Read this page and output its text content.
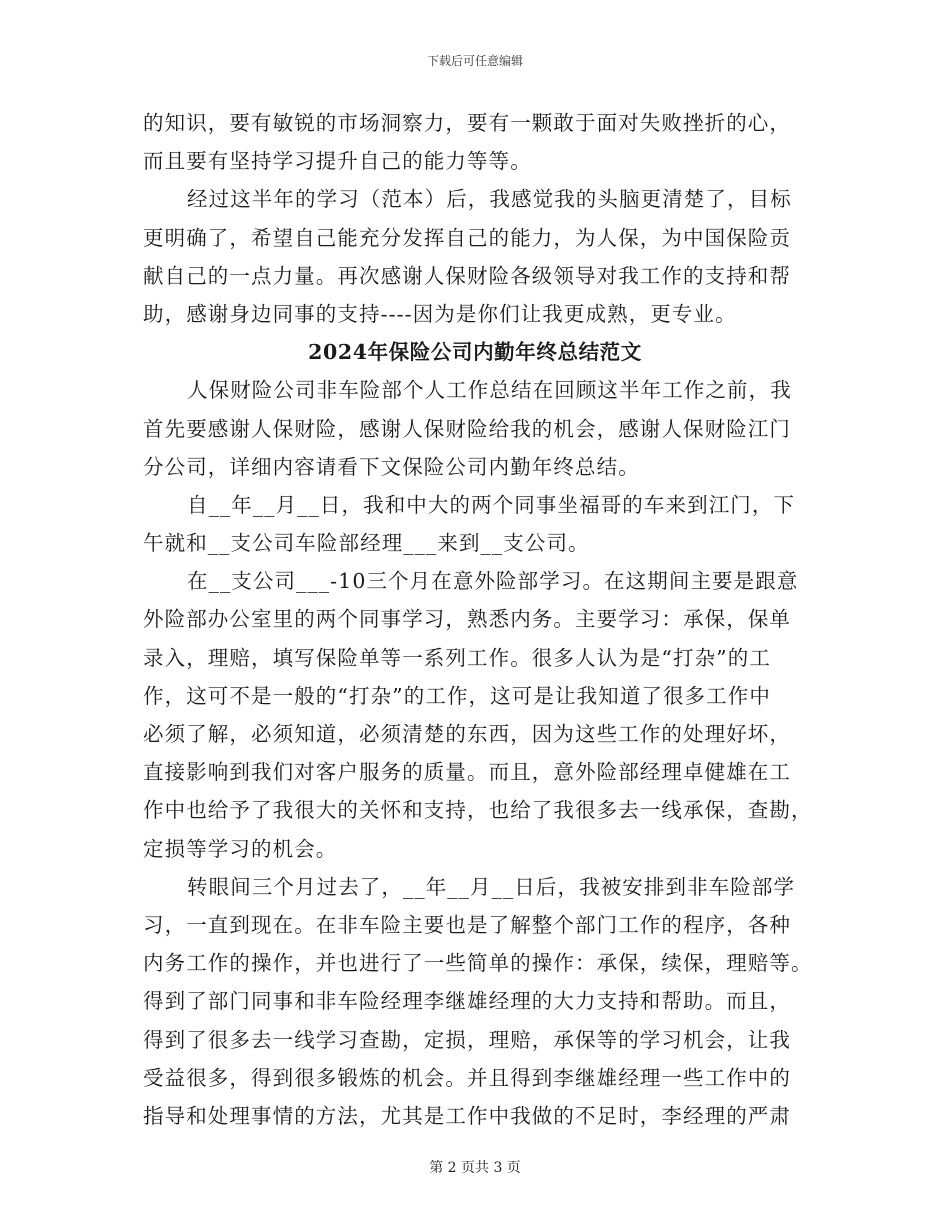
下载后可任意编辑
的知识，要有敏锐的市场洞察力，要有一颗敢于面对失败挫折的心，
而且要有坚持学习提升自己的能力等等。
经过这半年的学习（范本）后，我感觉我的头脑更清楚了，目标
更明确了，希望自己能充分发挥自己的能力，为人保，为中国保险贡
献自己的一点力量。再次感谢人保财险各级领导对我工作的支持和帮
助，感谢身边同事的支持----因为是你们让我更成熟，更专业。
2024年保险公司内勤年终总结范文
人保财险公司非车险部个人工作总结在回顾这半年工作之前，我
首先要感谢人保财险，感谢人保财险给我的机会，感谢人保财险江门
分公司，详细内容请看下文保险公司内勤年终总结。
自__年__月__日，我和中大的两个同事坐福哥的车来到江门，下
午就和__支公司车险部经理___来到__支公司。
在__支公司___-10三个月在意外险部学习。在这期间主要是跟意
外险部办公室里的两个同事学习，熟悉内务。主要学习：承保，保单
录入，理赔，填写保险单等一系列工作。很多人认为是“打杂”的工
作，这可不是一般的“打杂”的工作，这可是让我知道了很多工作中
必须了解，必须知道，必须清楚的东西，因为这些工作的处理好坏，
直接影响到我们对客户服务的质量。而且，意外险部经理卓健雄在工
作中也给予了我很大的关怀和支持，也给了我很多去一线承保，查勘，
定损等学习的机会。
转眼间三个月过去了，__年__月__日后，我被安排到非车险部学
习，一直到现在。在非车险主要也是了解整个部门工作的程序，各种
内务工作的操作，并也进行了一些简单的操作：承保，续保，理赔等。
得到了部门同事和非车险经理李继雄经理的大力支持和帮助。而且，
得到了很多去一线学习查勘，定损，理赔，承保等的学习机会，让我
受益很多，得到很多锻炼的机会。并且得到李继雄经理一些工作中的
指导和处理事情的方法，尤其是工作中我做的不足时，李经理的严肃
第 2 页共 3 页
